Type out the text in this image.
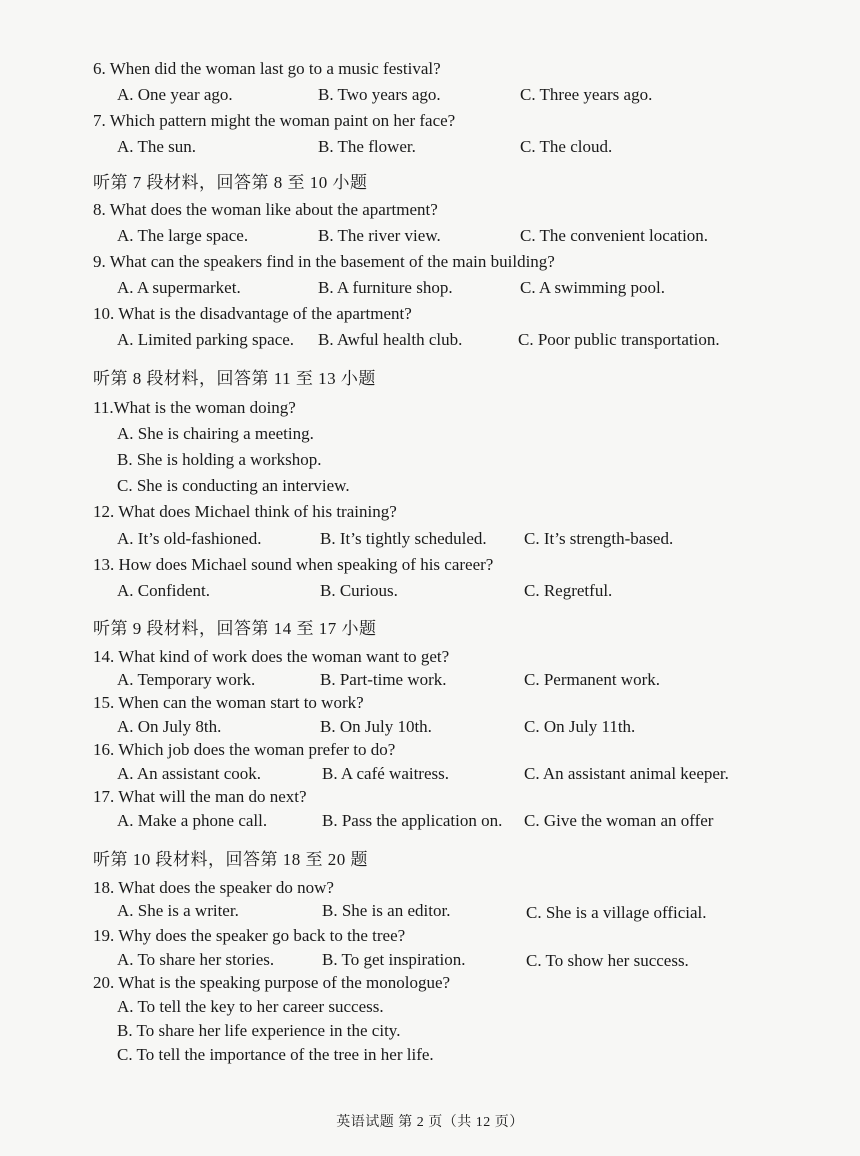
6. When did the woman last go to a music festival?
A. One year ago.	B. Two years ago.	C. Three years ago.
7. Which pattern might the woman paint on her face?
A. The sun.	B. The flower.	C. The cloud.
听第 7 段材料，回答第 8 至 10 小题
8. What does the woman like about the apartment?
A. The large space.	B. The river view.	C. The convenient location.
9. What can the speakers find in the basement of the main building?
A. A supermarket.	B. A furniture shop.	C. A swimming pool.
10. What is the disadvantage of the apartment?
A. Limited parking space. B. Awful health club.	C. Poor public transportation.
听第 8 段材料，回答第 11 至 13 小题
11.What is the woman doing?
A. She is chairing a meeting.
B. She is holding a workshop.
C. She is conducting an interview.
12. What does Michael think of his training?
A. It’s old-fashioned.	B. It’s tightly scheduled. C. It’s strength-based.
13. How does Michael sound when speaking of his career?
A. Confident.	B. Curious.	C. Regretful.
听第 9 段材料，回答第 14 至 17 小题
14. What kind of work does the woman want to get?
A. Temporary work.	B. Part-time work.	C. Permanent work.
15. When can the woman start to work?
A. On July 8th.	B. On July 10th.	C. On July 11th.
16. Which job does the woman prefer to do?
A. An assistant cook.	B. A café waitress.	C. An assistant animal keeper.
17. What will the man do next?
A. Make a phone call.	B. Pass the application on. C. Give the woman an offer
听第 10 段材料，回答第 18 至 20 题
18. What does the speaker do now?
A. She is a writer.	B. She is an editor.	C. She is a village official.
19. Why does the speaker go back to the tree?
A. To share her stories.	B. To get inspiration.	C. To show her success.
20. What is the speaking purpose of the monologue?
A. To tell the key to her career success.
B. To share her life experience in the city.
C. To tell the importance of the tree in her life.
英语试题 第 2 页（共 12 页）
